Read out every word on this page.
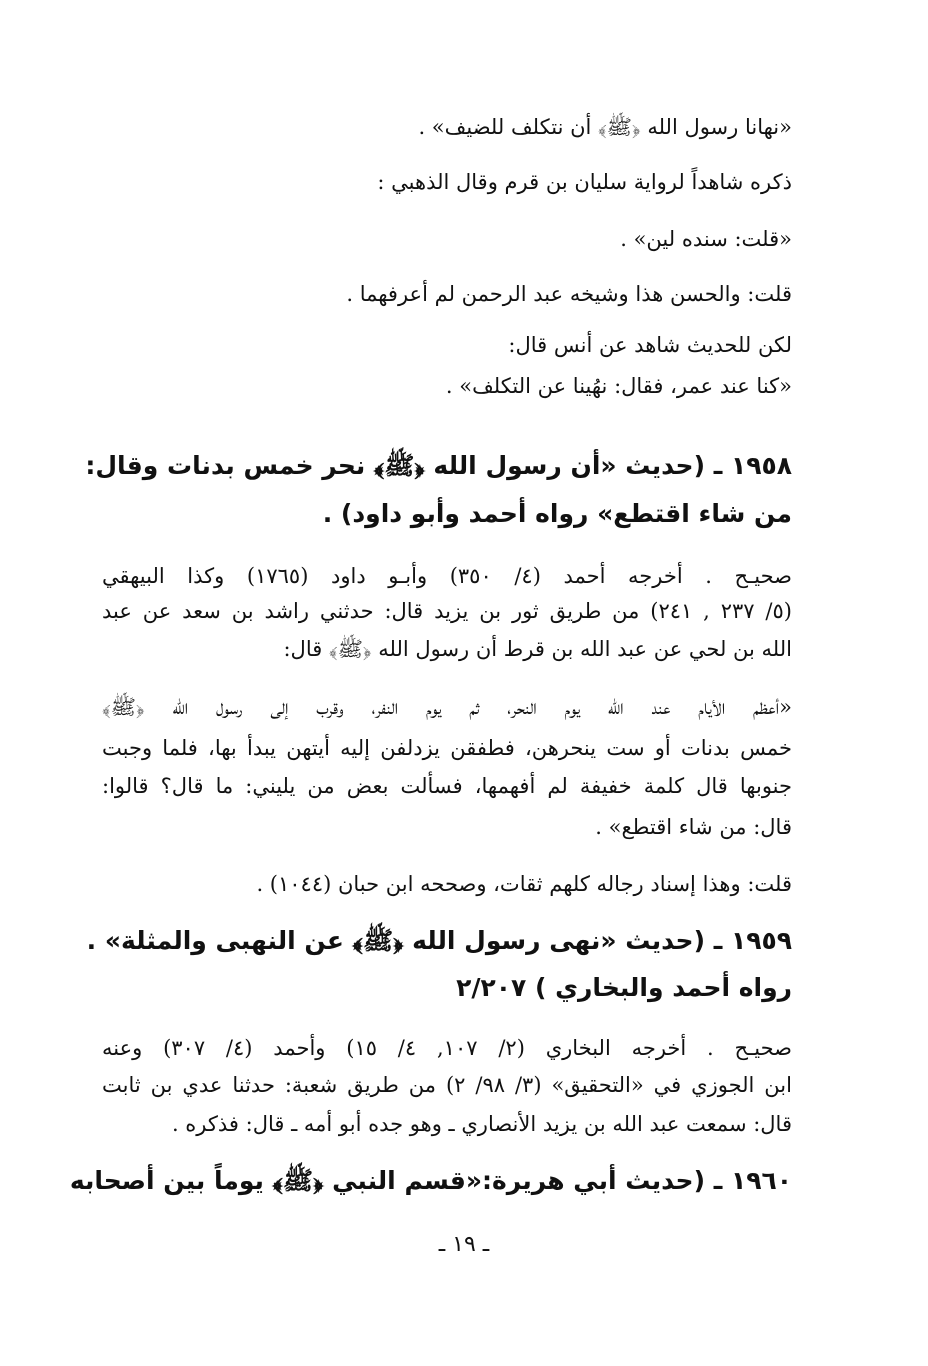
«نهانا رسول الله ﴿ﷺ﴾ أن نتكلف للضيف» .
ذكره شاهداً لرواية سليان بن قرم وقال الذهبي :
«قلت: سنده لين» .
قلت: والحسن هذا وشيخه عبد الرحمن لم أعرفهما .
لكن للحديث شاهد عن أنس قال:
«كنا عند عمر، فقال: نهُينا عن التكلف» .
١٩٥٨ ـ (حديث «أن رسول الله ﴿ﷺ﴾ نحر خمس بدنات وقال:
من شاء اقتطع» رواه أحمد وأبو داود) .
صحيـح . أخرجه أحمد (٤/ ٣٥٠) وأبـو داود (١٧٦٥) وكذا البيهقي
(٥/ ٢٣٧ , ٢٤١) من طريق ثور بن يزيد قال: حدثني راشد بن سعد عن عبد
الله بن لحي عن عبد الله بن قرط أن رسول الله ﴿ﷺ﴾ قال:
«أعظم الأيام عند الله يوم النحر، ثم يوم النفر، وقرب إلى رسول الله ﴿ﷺ﴾
خمس بدنات أو ست ينحرهن، فطفقن يزدلفن إليه أيتهن يبدأ بها، فلما وجبت
جنوبها قال كلمة خفيفة لم أفهمها، فسألت بعض من يليني: ما قال؟ قالوا:
قال: من شاء اقتطع» .
قلت: وهذا إسناد رجاله كلهم ثقات، وصححه ابن حبان (١٠٤٤) .
١٩٥٩ ـ (حديث «نهى رسول الله ﴿ﷺ﴾ عن النهبى والمثلة» .
رواه أحمد والبخاري ) ٢/٢٠٧
صحيـح . أخرجه البخاري (٢/ ١٠٧, ٤/ ١٥) وأحمد (٤/ ٣٠٧) وعنه
ابن الجوزي في «التحقيق» (٣/ ٩٨/ ٢) من طريق شعبة: حدثنا عدي بن ثابت
قال: سمعت عبد الله بن يزيد الأنصاري ـ وهو جده أبو أمه ـ قال: فذكره .
١٩٦٠ ـ (حديث أبي هريرة:«قسم النبي ﴿ﷺ﴾ يوماً بين أصحابه
ـ ١٩ ـ
